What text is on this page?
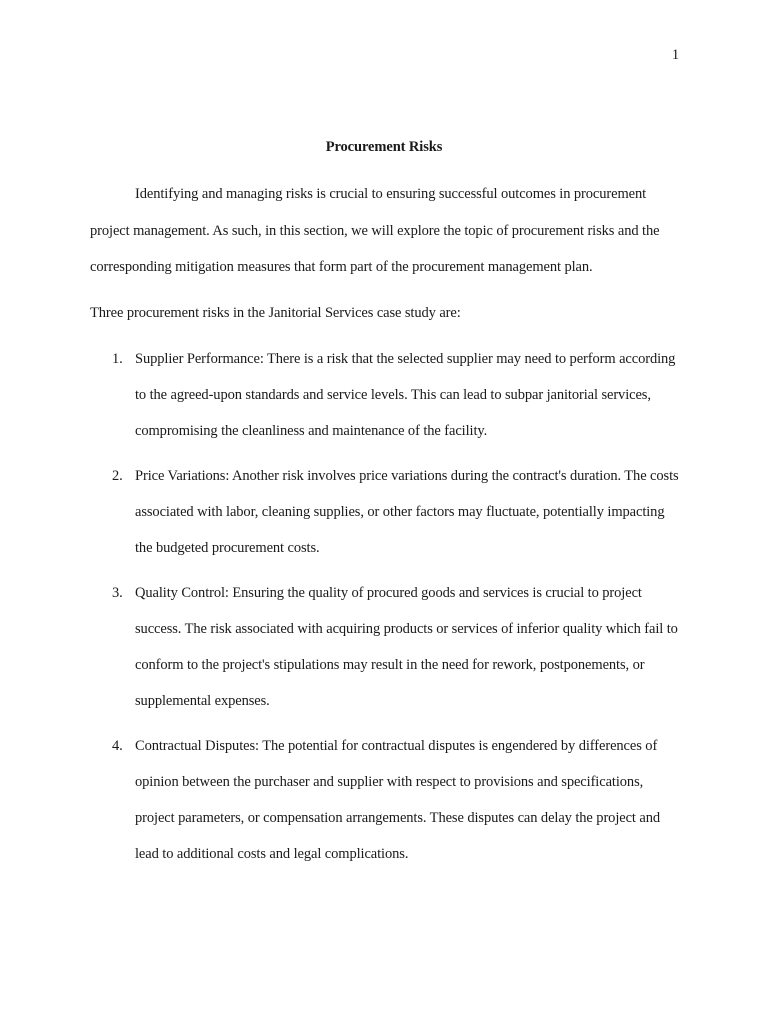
1
Procurement Risks

Identifying and managing risks is crucial to ensuring successful outcomes in procurement project management. As such, in this section, we will explore the topic of procurement risks and the corresponding mitigation measures that form part of the procurement management plan.

Three procurement risks in the Janitorial Services case study are:

1. Supplier Performance: There is a risk that the selected supplier may need to perform according to the agreed-upon standards and service levels. This can lead to subpar janitorial services, compromising the cleanliness and maintenance of the facility.
2. Price Variations: Another risk involves price variations during the contract's duration. The costs associated with labor, cleaning supplies, or other factors may fluctuate, potentially impacting the budgeted procurement costs.
3. Quality Control: Ensuring the quality of procured goods and services is crucial to project success. The risk associated with acquiring products or services of inferior quality which fail to conform to the project's stipulations may result in the need for rework, postponements, or supplemental expenses.
4. Contractual Disputes: The potential for contractual disputes is engendered by differences of opinion between the purchaser and supplier with respect to provisions and specifications, project parameters, or compensation arrangements. These disputes can delay the project and lead to additional costs and legal complications.
